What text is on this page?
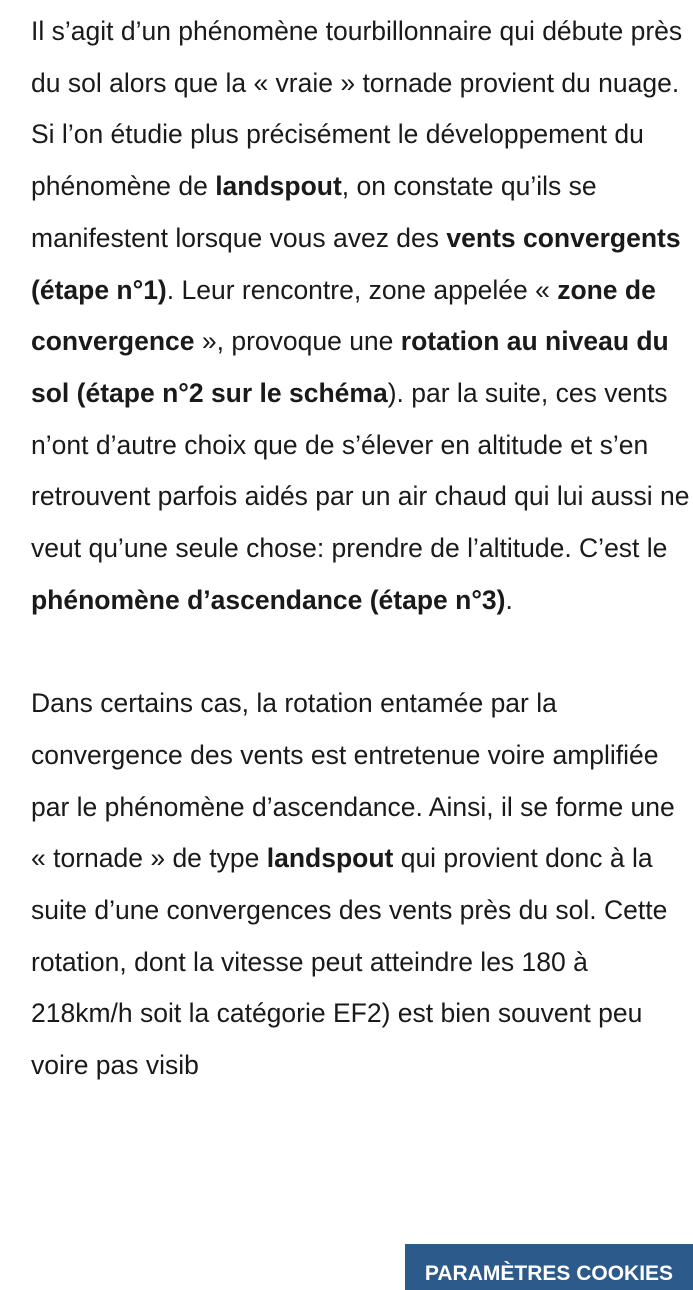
Il s’agit d’un phénomène tourbillonnaire qui débute près du sol alors que la « vraie » tornade provient du nuage. Si l’on étudie plus précisément le développement du phénomène de landspout, on constate qu’ils se manifestent lorsque vous avez des vents convergents (étape n°1). Leur rencontre, zone appelée « zone de convergence », provoque une rotation au niveau du sol (étape n°2 sur le schéma). par la suite, ces vents n’ont d’autre choix que de s’élever en altitude et s’en retrouvent parfois aidés par un air chaud qui lui aussi ne veut qu’une seule chose: prendre de l’altitude. C’est le phénomène d’ascendance (étape n°3).

Dans certains cas, la rotation entamée par la convergence des vents est entretenue voire amplifiée par le phénomène d’ascendance. Ainsi, il se forme une « tornade » de type landspout qui provient donc à la suite d’une convergences des vents près du sol. Cette rotation, dont la vitesse peut atteindre les 180 à 218km/h soit la catégorie EF2) est bien souvent peu voire pas visib

PARAMÈTRES COOKIES
